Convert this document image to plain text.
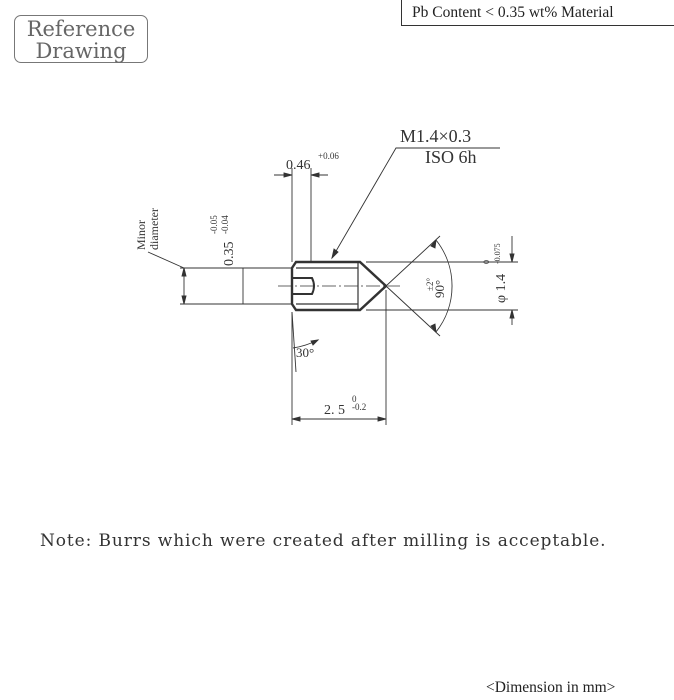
Reference
Drawing
Pb Content < 0.35 wt% Material
M1.4×0.3
ISO 6h
0.46
+0.06
Minor diameter
0.35
-0.05 -0.04
90°
±2°	φ 1.4
0 -0.075
30°
2. 5
0
-0.2
Note: Burrs which were created after milling is acceptable.
<Dimension in mm>
